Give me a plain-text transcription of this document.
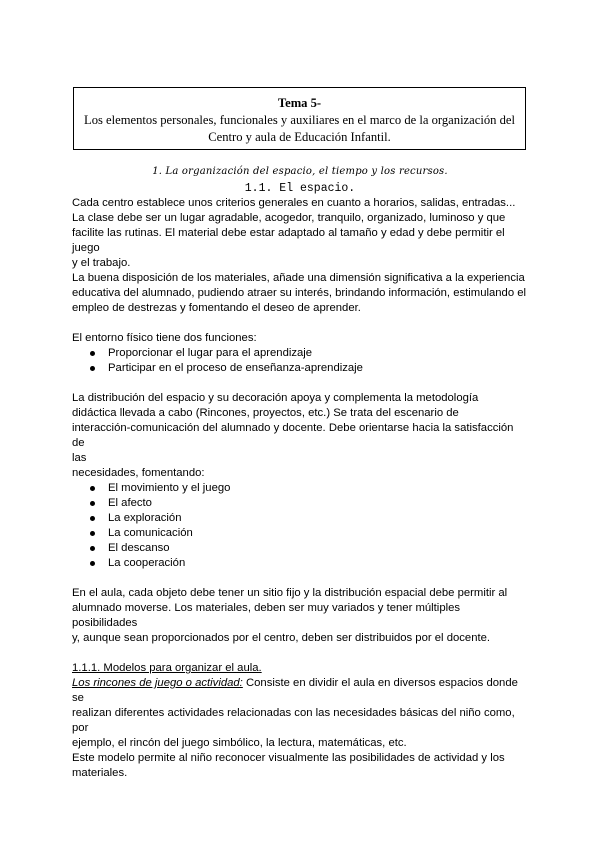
Tema 5-
Los elementos personales, funcionales y auxiliares en el marco de la organización del
Centro y aula de Educación Infantil.
1. La organización del espacio, el tiempo y los recursos.
1.1. El espacio.

Cada centro establece unos criterios generales en cuanto a horarios, salidas, entradas...

La clase debe ser un lugar agradable, acogedor, tranquilo, organizado, luminoso y que

facilite las rutinas. El material debe estar adaptado al tamaño y edad y debe permitir el juego

y el trabajo.

La buena disposición de los materiales, añade una dimensión significativa a la experiencia

educativa del alumnado, pudiendo atraer su interés, brindando información, estimulando el

empleo de destrezas y fomentando el deseo de aprender.

El entorno físico tiene dos funciones:

Proporcionar el lugar para el aprendizaje
Participar en el proceso de enseñanza-aprendizaje

La distribución del espacio y su decoración apoya y complementa la metodología

didáctica llevada a cabo (Rincones, proyectos, etc.) Se trata del escenario de

interacción-comunicación del alumnado y docente. Debe orientarse hacia la satisfacción de

las

necesidades, fomentando:

El movimiento y el juego
El afecto
La exploración
La comunicación
El descanso
La cooperación

En el aula, cada objeto debe tener un sitio fijo y la distribución espacial debe permitir al

alumnado moverse. Los materiales, deben ser muy variados y tener múltiples posibilidades

y, aunque sean proporcionados por el centro, deben ser distribuidos por el docente.

1.1.1. Modelos para organizar el aula.

Los rincones de juego o actividad: Consiste en dividir el aula en diversos espacios donde se

realizan diferentes actividades relacionadas con las necesidades básicas del niño como, por

ejemplo, el rincón del juego simbólico, la lectura, matemáticas, etc.

Este modelo permite al niño reconocer visualmente las posibilidades de actividad y los

materiales.
